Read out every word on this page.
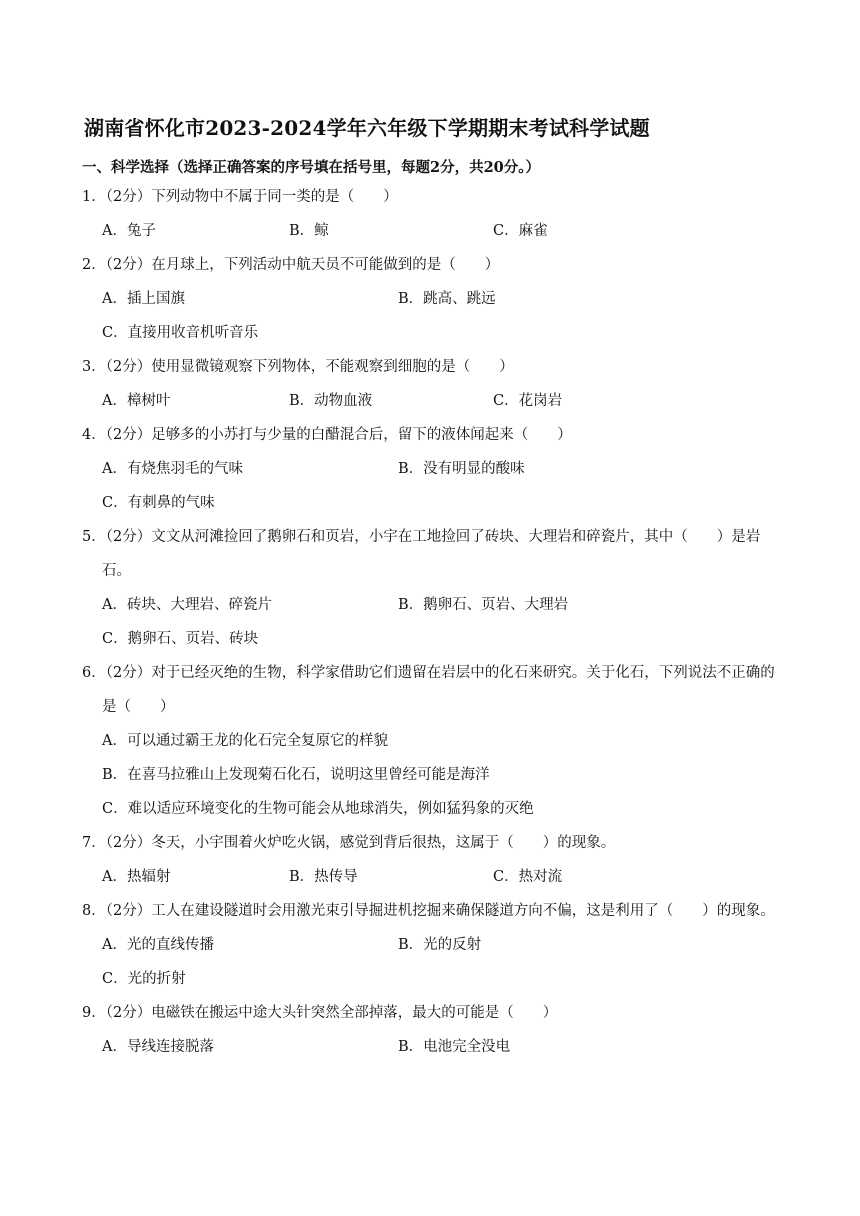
湖南省怀化市2023-2024学年六年级下学期期末考试科学试题
一、科学选择（选择正确答案的序号填在括号里，每题2分，共20分。）
1．（2分）下列动物中不属于同一类的是（　　）
A．兔子	B．鲸	C．麻雀
2．（2分）在月球上，下列活动中航天员不可能做到的是（　　）
A．插上国旗	B．跳高、跳远
C．直接用收音机听音乐
3．（2分）使用显微镜观察下列物体，不能观察到细胞的是（　　）
A．樟树叶	B．动物血液	C．花岗岩
4．（2分）足够多的小苏打与少量的白醋混合后，留下的液体闻起来（　　）
A．有烧焦羽毛的气味	B．没有明显的酸味
C．有刺鼻的气味
5．（2分）文文从河滩捡回了鹅卵石和页岩，小宇在工地捡回了砖块、大理岩和碎瓷片，其中（　　）是岩石。
A．砖块、大理岩、碎瓷片	B．鹅卵石、页岩、大理岩
C．鹅卵石、页岩、砖块
6．（2分）对于已经灭绝的生物，科学家借助它们遗留在岩层中的化石来研究。关于化石，下列说法不正确的是（　　）
A．可以通过霸王龙的化石完全复原它的样貌
B．在喜马拉雅山上发现菊石化石，说明这里曾经可能是海洋
C．难以适应环境变化的生物可能会从地球消失，例如猛犸象的灭绝
7．（2分）冬天，小宇围着火炉吃火锅，感觉到背后很热，这属于（　　）的现象。
A．热辐射	B．热传导	C．热对流
8．（2分）工人在建设隧道时会用激光束引导掘进机挖掘来确保隧道方向不偏，这是利用了（　　）的现象。
A．光的直线传播	B．光的反射
C．光的折射
9．（2分）电磁铁在搬运中途大头针突然全部掉落，最大的可能是（　　）
A．导线连接脱落	B．电池完全没电
